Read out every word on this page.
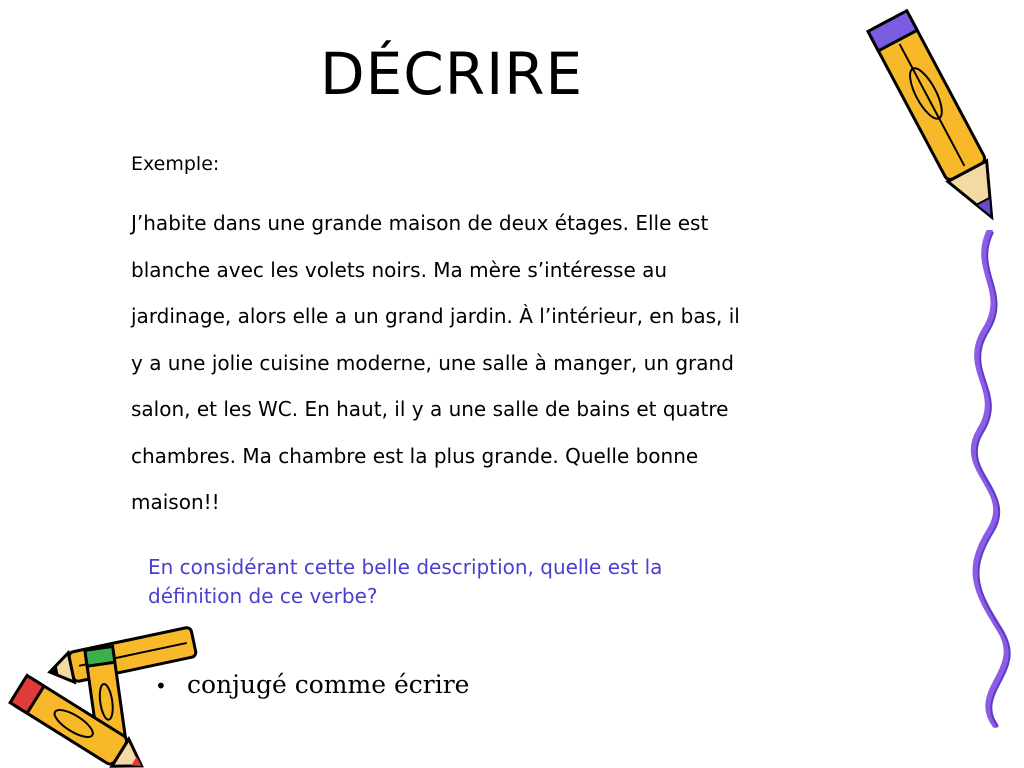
DÉCRIRE
Exemple:
J’habite dans une grande maison de deux étages. Elle est
blanche avec les volets noirs. Ma mère s’intéresse au
jardinage, alors elle a un grand jardin. À l’intérieur, en bas, il
y a une jolie cuisine moderne, une salle à manger, un grand
salon, et les WC. En haut, il y a une salle de bains et quatre
chambres. Ma chambre est la plus grande. Quelle bonne
maison!!
En considérant cette belle description, quelle est la
définition de ce verbe?
• conjugé comme écrire
